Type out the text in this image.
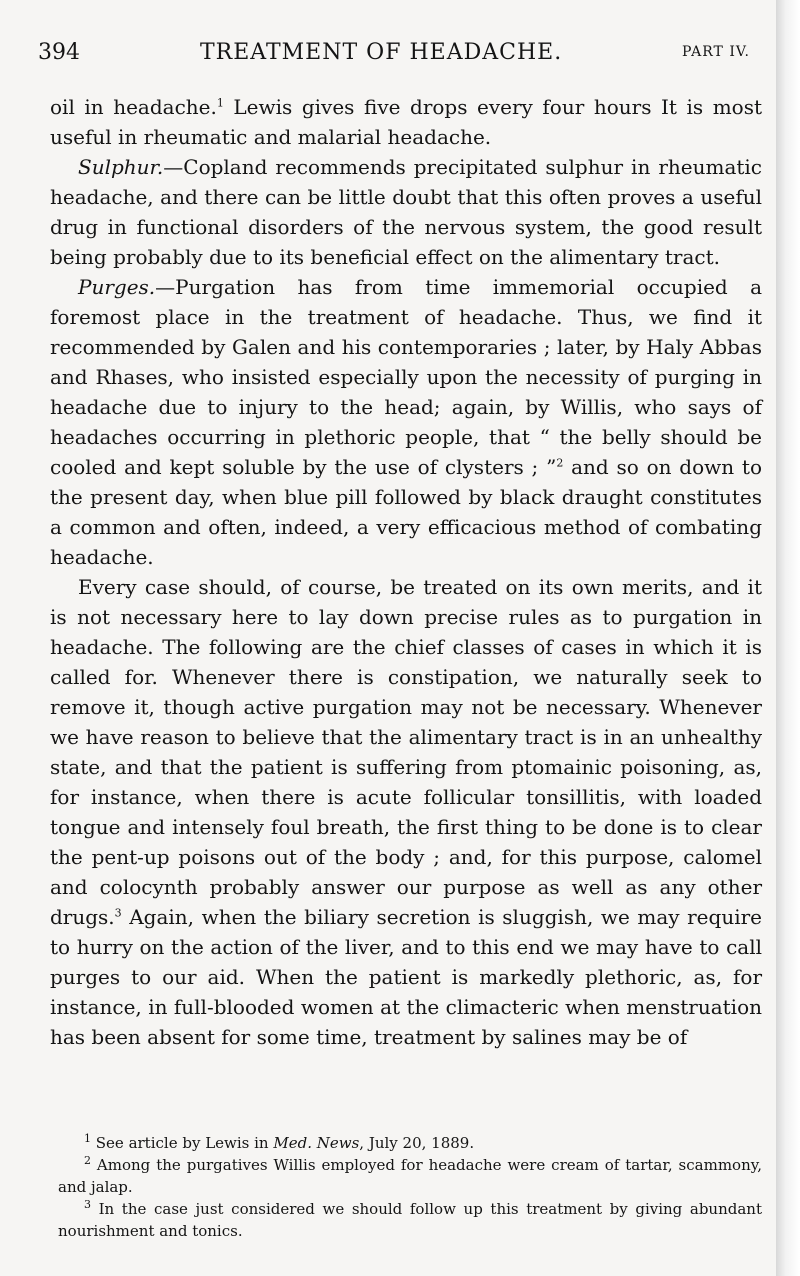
394	TREATMENT OF HEADACHE.	PART IV.

oil in headache.$^1$ Lewis gives five drops every four hours It is most useful in rheumatic and malarial headache.

Sulphur.—Copland recommends precipitated sulphur in rheumatic headache, and there can be little doubt that this often proves a useful drug in functional disorders of the nervous system, the good result being probably due to its beneficial effect on the alimentary tract.

Purges.—Purgation has from time immemorial occupied a foremost place in the treatment of headache. Thus, we find it recommended by Galen and his contemporaries ; later, by Haly Abbas and Rhases, who insisted especially upon the necessity of purging in headache due to injury to the head; again, by Willis, who says of headaches occurring in plethoric people, that “ the belly should be cooled and kept soluble by the use of clysters ; ”$^2$ and so on down to the present day, when blue pill followed by black draught constitutes a common and often, indeed, a very efficacious method of combating headache.

Every case should, of course, be treated on its own merits, and it is not necessary here to lay down precise rules as to purgation in headache. The following are the chief classes of cases in which it is called for. Whenever there is constipation, we naturally seek to remove it, though active purgation may not be necessary. Whenever we have reason to believe that the alimentary tract is in an unhealthy state, and that the patient is suffering from ptomainic poisoning, as, for instance, when there is acute follicular tonsillitis, with loaded tongue and intensely foul breath, the first thing to be done is to clear the pent-up poisons out of the body ; and, for this purpose, calomel and colocynth probably answer our purpose as well as any other drugs.$^3$ Again, when the biliary secretion is sluggish, we may require to hurry on the action of the liver, and to this end we may have to call purges to our aid. When the patient is markedly plethoric, as, for instance, in full-blooded women at the climacteric when menstruation has been absent for some time, treatment by salines may be of

$^1$ See article by Lewis in Med. News, July 20, 1889.

$^2$ Among the purgatives Willis employed for headache were cream of tartar, scammony, and jalap.

$^3$ In the case just considered we should follow up this treatment by giving abundant nourishment and tonics.
